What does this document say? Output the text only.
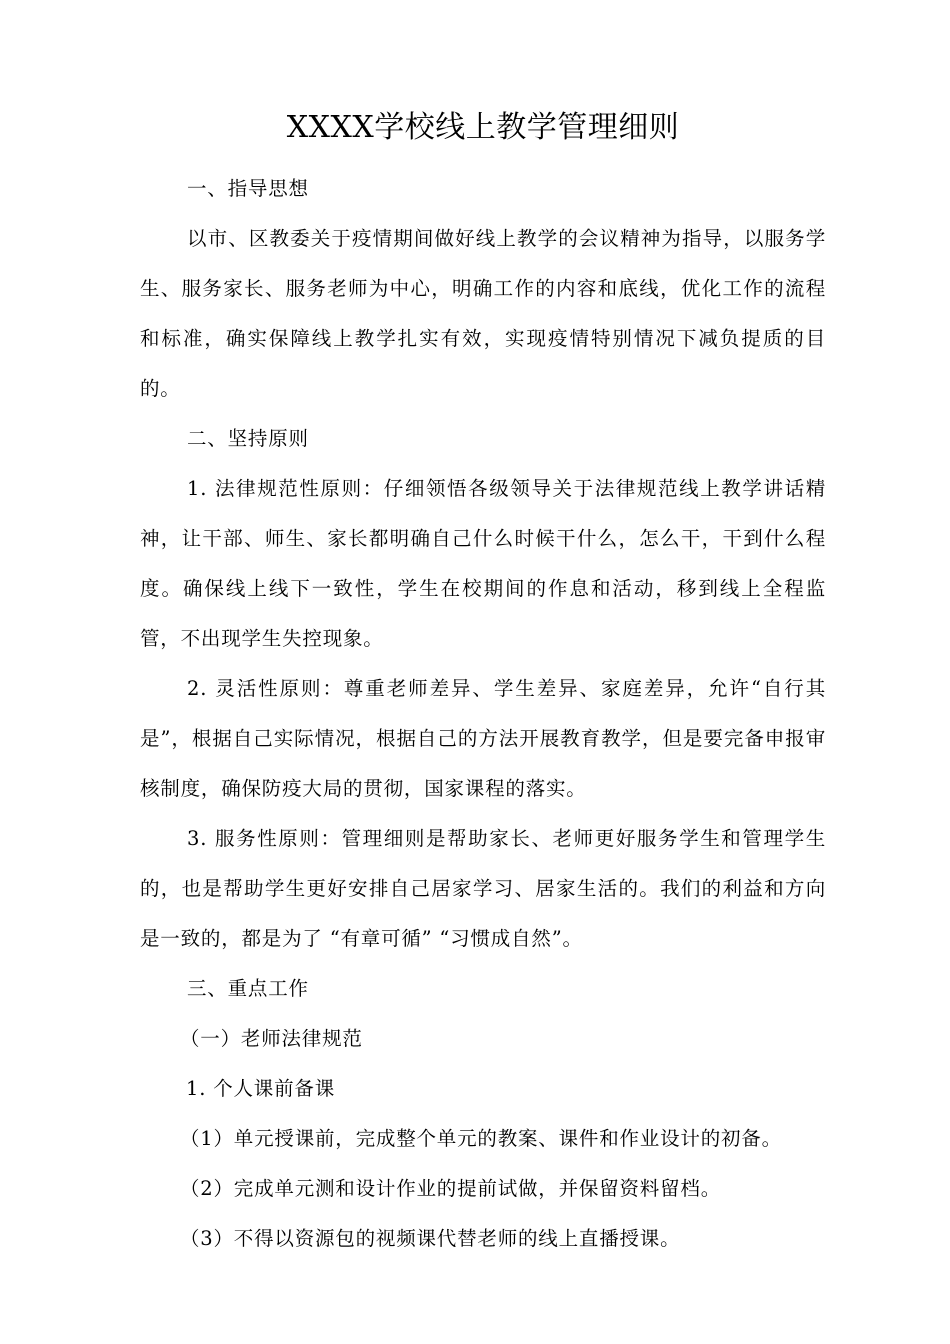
XXXX学校线上教学管理细则

一、指导思想

以市、区教委关于疫情期间做好线上教学的会议精神为指导，以服务学生、服务家长、服务老师为中心，明确工作的内容和底线，优化工作的流程和标准，确实保障线上教学扎实有效，实现疫情特别情况下减负提质的目的。

二、坚持原则

1. 法律规范性原则：仔细领悟各级领导关于法律规范线上教学讲话精神，让干部、师生、家长都明确自己什么时候干什么，怎么干，干到什么程度。确保线上线下一致性，学生在校期间的作息和活动，移到线上全程监管，不出现学生失控现象。

2. 灵活性原则：尊重老师差异、学生差异、家庭差异，允许“自行其是”，根据自己实际情况，根据自己的方法开展教育教学，但是要完备申报审核制度，确保防疫大局的贯彻，国家课程的落实。

3. 服务性原则：管理细则是帮助家长、老师更好服务学生和管理学生的，也是帮助学生更好安排自己居家学习、居家生活的。我们的利益和方向是一致的，都是为了 “有章可循” “习惯成自然”。

三、重点工作

（一）老师法律规范

1. 个人课前备课

（1）单元授课前，完成整个单元的教案、课件和作业设计的初备。

（2）完成单元测和设计作业的提前试做，并保留资料留档。

（3）不得以资源包的视频课代替老师的线上直播授课。
